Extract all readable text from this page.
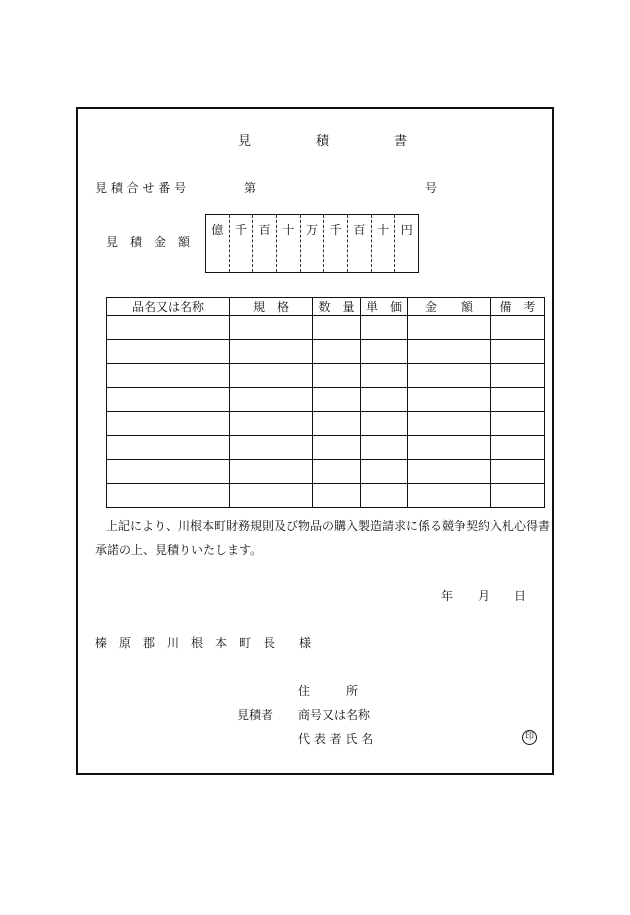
見　　　　　積　　　　　書
見 積 合 せ 番 号	第	号
見　積　金　額
億 千 百 十 万 千 百 十 円
品名又は名称	規　格	数　量	単　価	金　　額	備　考

上記により、川根本町財務規則及び物品の購入製造請求に係る競争契約入札心得書
承諾の上、見積りいたします。
年 月 日
榛　原　郡　川　根　本　町　長　　様
住　　　所
見積者 商号又は名称
代 表 者 氏 名	印
